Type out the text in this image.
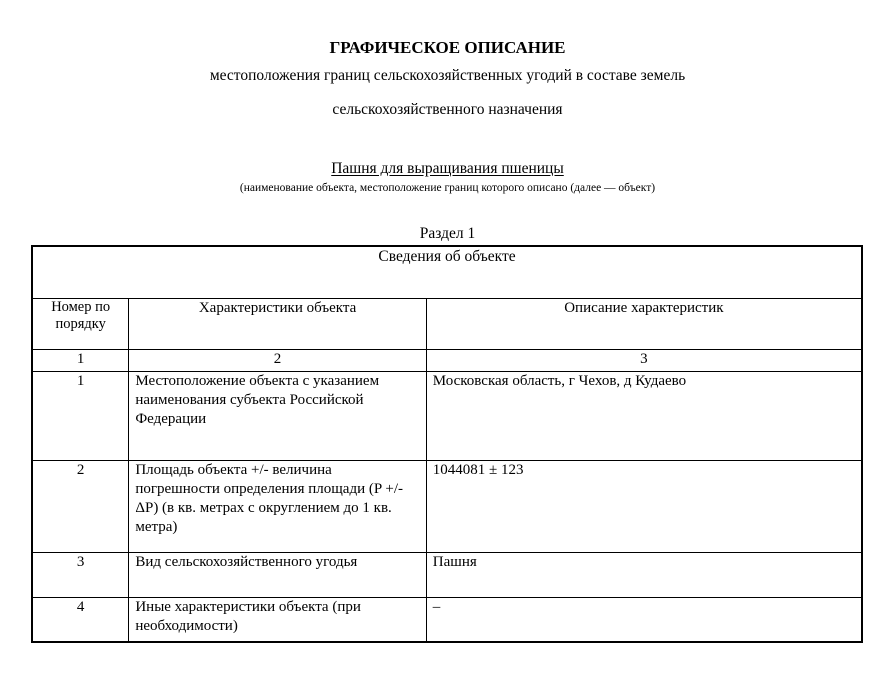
ГРАФИЧЕСКОЕ ОПИСАНИЕ
местоположения границ сельскохозяйственных угодий в составе земель
сельскохозяйственного назначения
Пашня для выращивания пшеницы
(наименование объекта, местоположение границ которого описано (далее — объект)
Раздел 1
Сведения об объекте		
Номер по порядку	Характеристики объекта	Описание характеристик
1	2	3
1	Местоположение объекта с указанием наименования субъекта Российской Федерации	Московская область, г Чехов, д Кудаево
2	Площадь объекта +/- величина погрешности определения площади (P +/- ΔP) (в кв. метрах с округлением до 1 кв. метра)	1044081 ± 123
3	Вид сельскохозяйственного угодья	Пашня
4	Иные характеристики объекта (при необходимости)	–
